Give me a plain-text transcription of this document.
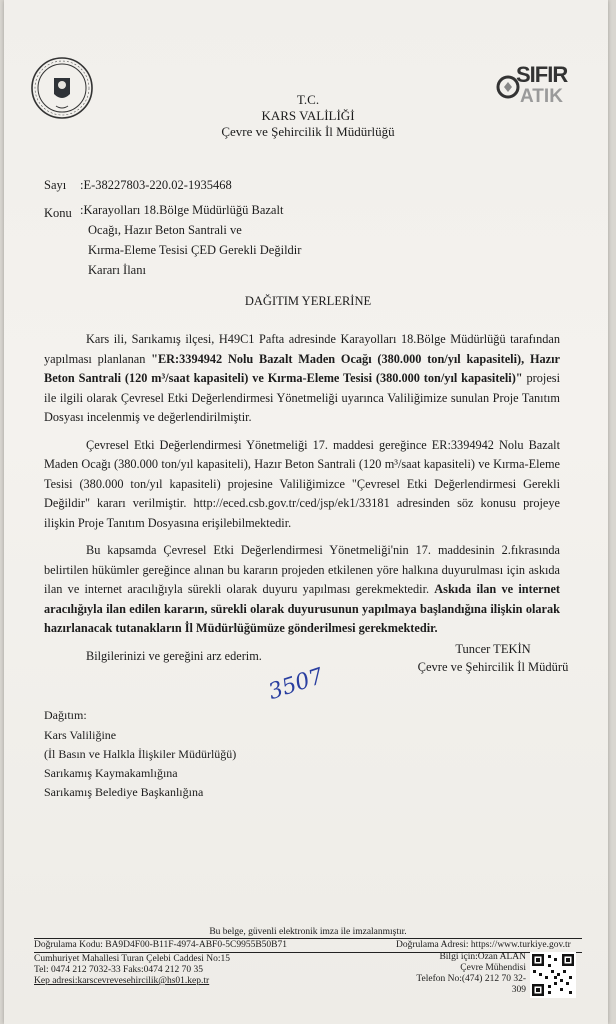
SIFIR
ATIK
T.C.
KARS VALİLİĞİ
Çevre ve Şehircilik İl Müdürlüğü
Sayı :E-38227803-220.02-1935468
Konu :Karayolları 18.Bölge Müdürlüğü Bazalt
Ocağı, Hazır Beton Santrali ve
Kırma-Eleme Tesisi ÇED Gerekli Değildir
Kararı İlanı
DAĞITIM YERLERİNE

Kars ili, Sarıkamış ilçesi, H49C1 Pafta adresinde Karayolları 18.Bölge Müdürlüğü tarafından yapılması planlanan "ER:3394942 Nolu Bazalt Maden Ocağı (380.000 ton/yıl kapasiteli), Hazır Beton Santrali (120 m³/saat kapasiteli) ve Kırma-Eleme Tesisi (380.000 ton/yıl kapasiteli)" projesi ile ilgili olarak Çevresel Etki Değerlendirmesi Yönetmeliği uyarınca Valiliğimize sunulan Proje Tanıtım Dosyası incelenmiş ve değerlendirilmiştir.

Çevresel Etki Değerlendirmesi Yönetmeliği 17. maddesi gereğince ER:3394942 Nolu Bazalt Maden Ocağı (380.000 ton/yıl kapasiteli), Hazır Beton Santrali (120 m³/saat kapasiteli) ve Kırma-Eleme Tesisi (380.000 ton/yıl kapasiteli) projesine Valiliğimizce "Çevresel Etki Değerlendirmesi Gerekli Değildir" kararı verilmiştir. http://eced.csb.gov.tr/ced/jsp/ek1/33181 adresinden söz konusu projeye ilişkin Proje Tanıtım Dosyasına erişilebilmektedir.

Bu kapsamda Çevresel Etki Değerlendirmesi Yönetmeliği'nin 17. maddesinin 2.fıkrasında belirtilen hükümler gereğince alınan bu kararın projeden etkilenen yöre halkına duyurulması için askıda ilan ve internet aracılığıyla sürekli olarak duyuru yapılması gerekmektedir. Askıda ilan ve internet aracılığıyla ilan edilen kararın, sürekli olarak duyurusunun yapılmaya başlandığına ilişkin olarak hazırlanacak tutanakların İl Müdürlüğümüze gönderilmesi gerekmektedir.

Bilgilerinizi ve gereğini arz ederim.	Tuncer TEKİN
Çevre ve Şehircilik İl Müdürü
3507
Dağıtım:
Kars Valiliğine
(İl Basın ve Halkla İlişkiler Müdürlüğü)
Sarıkamış Kaymakamlığına
Sarıkamış Belediye Başkanlığına
Bu belge, güvenli elektronik imza ile imzalanmıştır.
Doğrulama Kodu: BA9D4F00-B11F-4974-ABF0-5C9955B50B71	Doğrulama Adresi: https://www.turkiye.gov.tr
Cumhuriyet Mahallesi Turan Çelebi Caddesi No:15
Tel: 0474 212 7032-33 Faks:0474 212 70 35
Kep adresi:karscevrevesehircilik@hs01.kep.tr
Bilgi için:Ozan ALAN
Çevre Mühendisi
Telefon No:(474) 212 70 32-
309
